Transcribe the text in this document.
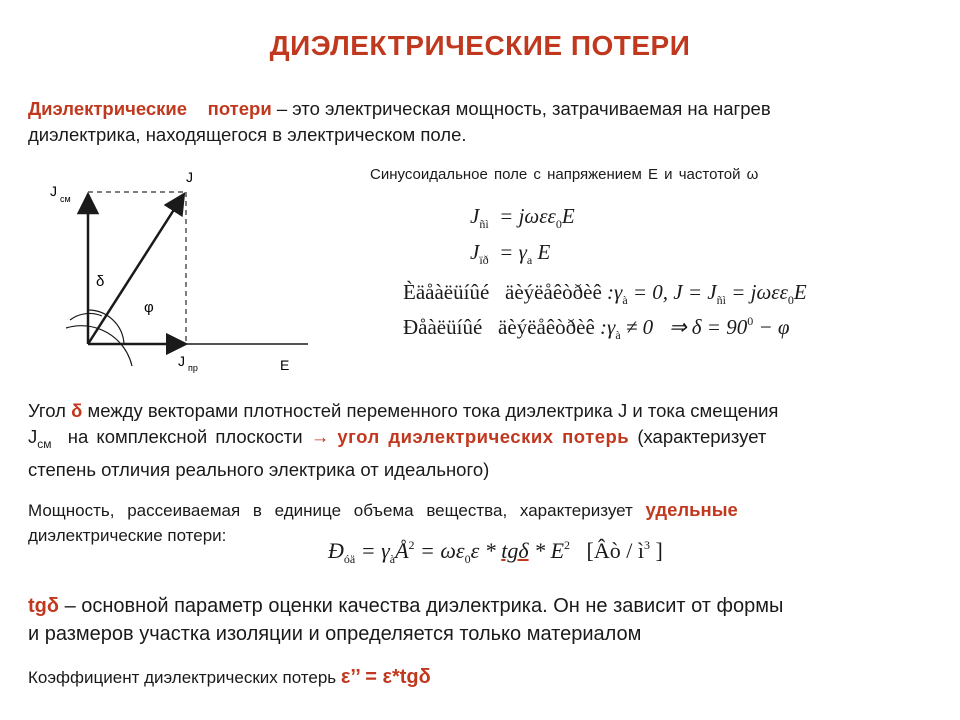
ДИЭЛЕКТРИЧЕСКИЕ ПОТЕРИ
Диэлектрические потери – это электрическая мощность, затрачиваемая на нагрев
диэлектрика, находящегося в электрическом поле.
J см
J
δ
φ
J пр	E
Синусоидальное поле с напряжением E и частотой ω
$J_{ñì} = j\omega\varepsilon\varepsilon_0E$
$J_{ïð} = \gamma_a$ E
Èäåàëüíûé äèýëåêòðèê $:\gamma_à = 0$, $J = J_{ñì} = j\omega\varepsilon\varepsilon_0E$
Ðåàëüíûé äèýëåêòðèê $:\gamma_à \ne 0$ ⇒ $\delta = 90^0 - \varphi$
Угол δ между векторами плотностей переменного тока диэлектрика J и тока смещения
$J_{см}$ на комплексной плоскости → угол диэлектрических потерь (характеризует
степень отличия реального электрика от идеального)
Мощность, рассеиваемая в единице объема вещества, характеризует удельные
диэлектрические потери:
$Ð_{óä}$ = $\gamma_àÅ^2 = \omega\varepsilon_0\varepsilon * tg\delta * E^2$ [Âò / $ì^3$ ]
tgδ – основной параметр оценки качества диэлектрика. Он не зависит от формы
и размеров участка изоляции и определяется только материалом
Коэффициент диэлектрических потерь ε’’ = ε*tgδ
